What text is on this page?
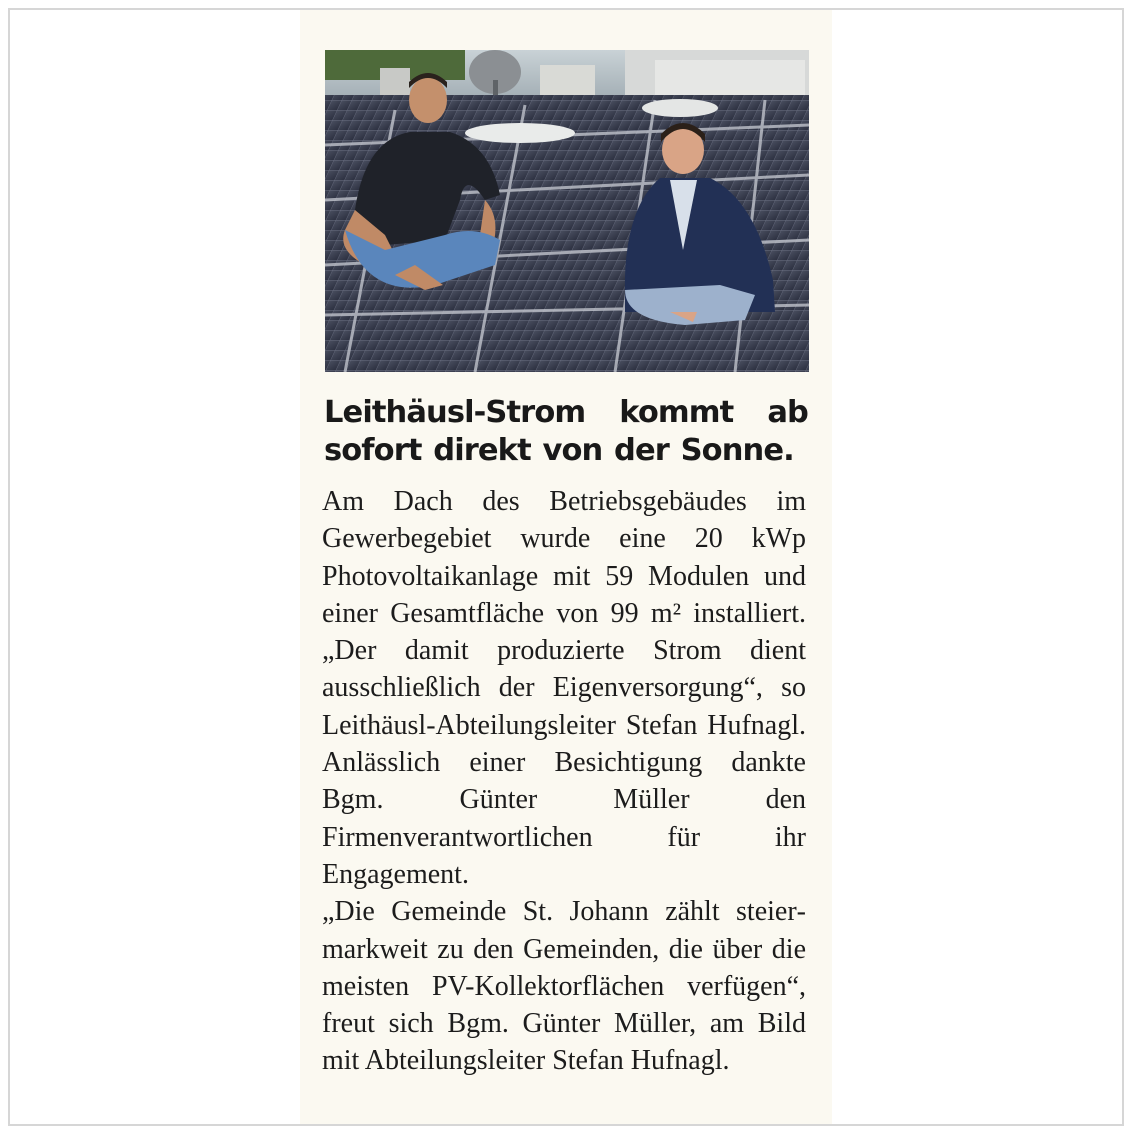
Leithäusl-Strom kommt ab sofort direkt von der Sonne.

Am Dach des Betriebsgebäudes im Gewerbegebiet wurde eine 20 kWp Photovoltaikanlage mit 59 Modulen und einer Gesamtfläche von 99 m² installiert. „Der damit produzierte Strom dient ausschließlich der Eigenversorgung“, so Leithäusl-Abteilungsleiter Stefan Hufnagl. Anlässlich einer Besichtigung dankte Bgm. Günter Müller den Firmenverantwortlichen für ihr Engagement.

„Die Gemeinde St. Johann zählt steiermarkweit zu den Gemeinden, die über die meisten PV-Kollektorflächen verfügen“, freut sich Bgm. Günter Müller, am Bild mit Abteilungsleiter Stefan Hufnagl.
